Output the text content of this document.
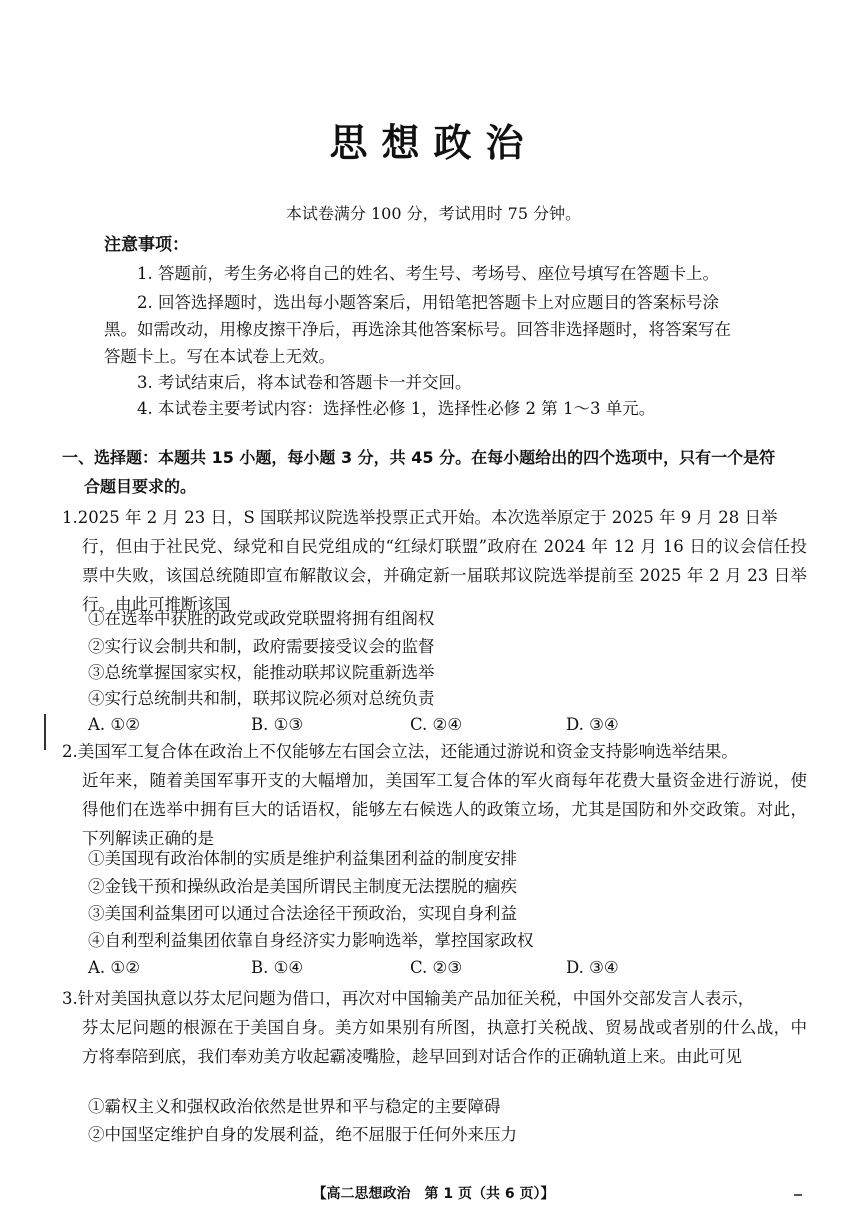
思想政治
本试卷满分 100 分，考试用时 75 分钟。
注意事项：
1. 答题前，考生务必将自己的姓名、考生号、考场号、座位号填写在答题卡上。
2. 回答选择题时，选出每小题答案后，用铅笔把答题卡上对应题目的答案标号涂
黑。如需改动，用橡皮擦干净后，再选涂其他答案标号。回答非选择题时，将答案写在
答题卡上。写在本试卷上无效。
3. 考试结束后，将本试卷和答题卡一并交回。
4. 本试卷主要考试内容：选择性必修 1，选择性必修 2 第 1～3 单元。
一、选择题：本题共 15 小题，每小题 3 分，共 45 分。在每小题给出的四个选项中，只有一个是符
合题目要求的。
1.2025 年 2 月 23 日，S 国联邦议院选举投票正式开始。本次选举原定于 2025 年 9 月 28 日举
行，但由于社民党、绿党和自民党组成的“红绿灯联盟”政府在 2024 年 12 月 16 日的议会信任投票中失败，该国总统随即宣布解散议会，并确定新一届联邦议院选举提前至 2025 年 2 月 23 日举行。由此可推断该国
①在选举中获胜的政党或政党联盟将拥有组阁权
②实行议会制共和制，政府需要接受议会的监督
③总统掌握国家实权，能推动联邦议院重新选举
④实行总统制共和制，联邦议院必须对总统负责
A. ①②	B. ①③	C. ②④	D. ③④
2.美国军工复合体在政治上不仅能够左右国会立法，还能通过游说和资金支持影响选举结果。
近年来，随着美国军事开支的大幅增加，美国军工复合体的军火商每年花费大量资金进行游说，使得他们在选举中拥有巨大的话语权，能够左右候选人的政策立场，尤其是国防和外交政策。对此，下列解读正确的是
①美国现有政治体制的实质是维护利益集团利益的制度安排
②金钱干预和操纵政治是美国所谓民主制度无法摆脱的痼疾
③美国利益集团可以通过合法途径干预政治，实现自身利益
④自利型利益集团依靠自身经济实力影响选举，掌控国家政权
A. ①②	B. ①④	C. ②③	D. ③④
3.针对美国执意以芬太尼问题为借口，再次对中国输美产品加征关税，中国外交部发言人表示，
芬太尼问题的根源在于美国自身。美方如果别有所图，执意打关税战、贸易战或者别的什么战，中方将奉陪到底，我们奉劝美方收起霸凌嘴脸，趁早回到对话合作的正确轨道上来。由此可见
①霸权主义和强权政治依然是世界和平与稳定的主要障碍
②中国坚定维护自身的发展利益，绝不屈服于任何外来压力
【高二思想政治　第 1 页（共 6 页）】
